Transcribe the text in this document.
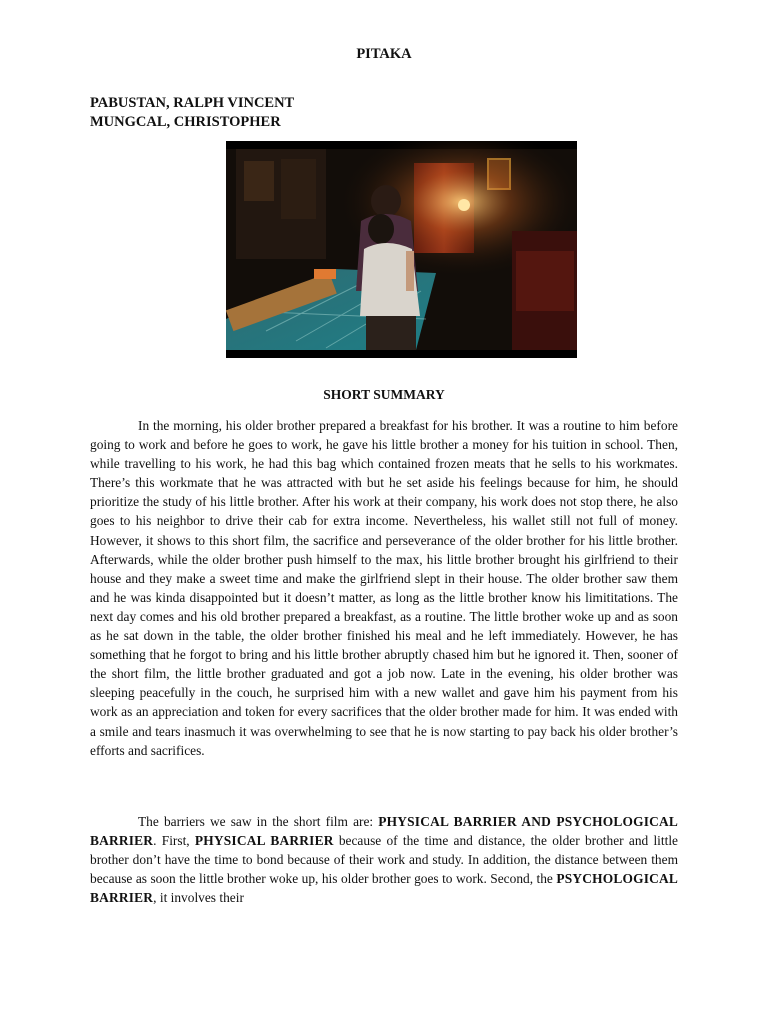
PITAKA
PABUSTAN, RALPH VINCENT
MUNGCAL, CHRISTOPHER
SHORT SUMMARY

In the morning, his older brother prepared a breakfast for his brother. It was a routine to him before going to work and before he goes to work, he gave his little brother a money for his tuition in school. Then, while travelling to his work, he had this bag which contained frozen meats that he sells to his workmates. There’s this workmate that he was attracted with but he set aside his feelings because for him, he should prioritize the study of his little brother. After his work at their company, his work does not stop there, he also goes to his neighbor to drive their cab for extra income. Nevertheless, his wallet still not full of money. However, it shows to this short film, the sacrifice and perseverance of the older brother for his little brother. Afterwards, while the older brother push himself to the max, his little brother brought his girlfriend to their house and they make a sweet time and make the girlfriend slept in their house. The older brother saw them and he was kinda disappointed but it doesn’t matter, as long as the little brother know his limititations. The next day comes and his old brother prepared a breakfast, as a routine. The little brother woke up and as soon as he sat down in the table, the older brother finished his meal and he left immediately. However, he has something that he forgot to bring and his little brother abruptly chased him but he ignored it. Then, sooner of the short film, the little brother graduated and got a job now. Late in the evening, his older brother was sleeping peacefully in the couch, he surprised him with a new wallet and gave him his payment from his work as an appreciation and token for every sacrifices that the older brother made for him. It was ended with a smile and tears inasmuch it was overwhelming to see that he is now starting to pay back his older brother’s efforts and sacrifices.

The barriers we saw in the short film are: PHYSICAL BARRIER AND PSYCHOLOGICAL BARRIER. First, PHYSICAL BARRIER because of the time and distance, the older brother and little brother don’t have the time to bond because of their work and study. In addition, the distance between them because as soon the little brother woke up, his older brother goes to work. Second, the PSYCHOLOGICAL BARRIER, it involves their
